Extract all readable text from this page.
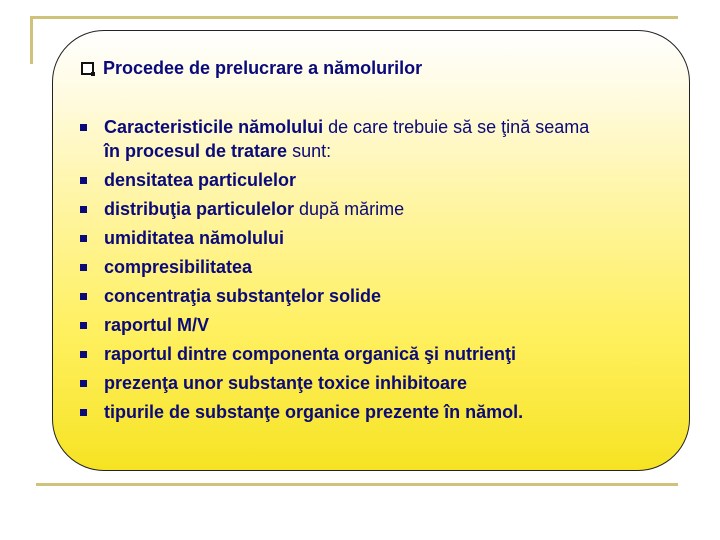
Procedee de prelucrare a nămolurilor
Caracteristicile nămolului de care trebuie să se ţină seama
în procesul de tratare sunt:
densitatea particulelor
distribuţia particulelor după mărime
umiditatea nămolului
compresibilitatea
concentraţia substanţelor solide
raportul M/V
raportul dintre componenta organică şi nutrienţi
prezenţa unor substanţe toxice inhibitoare
tipurile de substanţe organice prezente în nămol.
